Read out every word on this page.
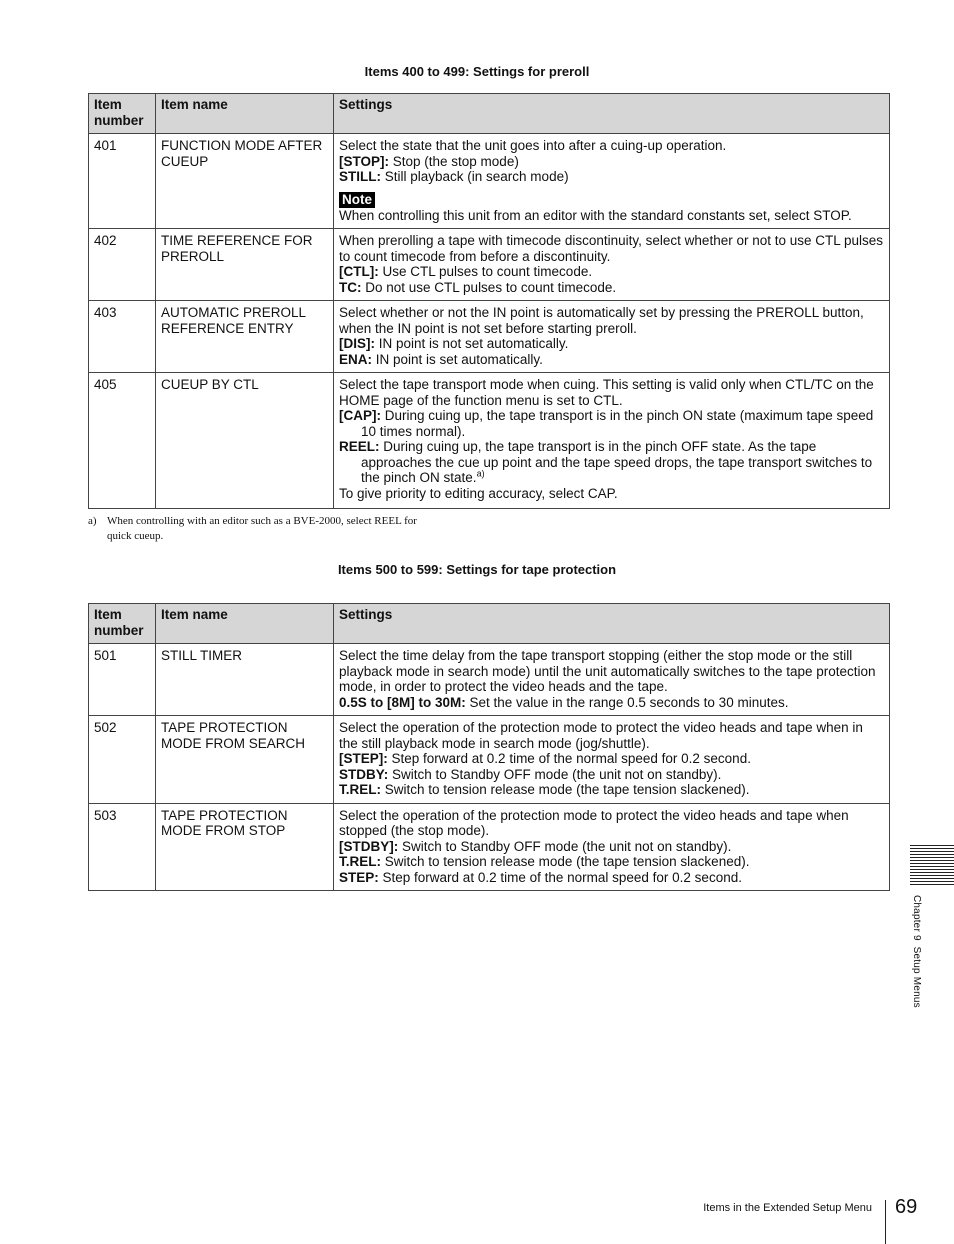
Items 400 to 499: Settings for preroll
Item
number	Item name	Settings
401	FUNCTION MODE AFTER CUEUP	Select the state that the unit goes into after a cuing-up operation.
[STOP]: Stop (the stop mode)
STILL: Still playback (in search mode)
Note
When controlling this unit from an editor with the standard constants set, select STOP.

402	TIME REFERENCE FOR PREROLL	When prerolling a tape with timecode discontinuity, select whether or not to use CTL pulses to count timecode from before a discontinuity.
[CTL]: Use CTL pulses to count timecode.
TC: Do not use CTL pulses to count timecode.

403	AUTOMATIC PREROLL REFERENCE ENTRY	Select whether or not the IN point is automatically set by pressing the PREROLL button, when the IN point is not set before starting preroll.
[DIS]: IN point is not set automatically.
ENA: IN point is set automatically.

405	CUEUP BY CTL	Select the tape transport mode when cuing. This setting is valid only when CTL/TC on the HOME page of the function menu is set to CTL.
[CAP]: During cuing up, the tape transport is in the pinch ON state (maximum tape speed 10 times normal).
REEL: During cuing up, the tape transport is in the pinch OFF state. As the tape approaches the cue up point and the tape speed drops, the tape transport switches to the pinch ON state.$^{a)}$
To give priority to editing accuracy, select CAP.
a) When controlling with an editor such as a BVE-2000, select REEL for
quick cueup.
Items 500 to 599: Settings for tape protection
Item
number	Item name	Settings
501	STILL TIMER	Select the time delay from the tape transport stopping (either the stop mode or the still playback mode in search mode) until the unit automatically switches to the tape protection mode, in order to protect the video heads and the tape.
0.5S to [8M] to 30M: Set the value in the range 0.5 seconds to 30 minutes.

502	TAPE PROTECTION MODE FROM SEARCH	Select the operation of the protection mode to protect the video heads and tape when in the still playback mode in search mode (jog/shuttle).
[STEP]: Step forward at 0.2 time of the normal speed for 0.2 second.
STDBY: Switch to Standby OFF mode (the unit not on standby).
T.REL: Switch to tension release mode (the tape tension slackened).

503	TAPE PROTECTION MODE FROM STOP	Select the operation of the protection mode to protect the video heads and tape when stopped (the stop mode).
[STDBY]: Switch to Standby OFF mode (the unit not on standby).
T.REL: Switch to tension release mode (the tape tension slackened).
STEP: Step forward at 0.2 time of the normal speed for 0.2 second.
Chapter 9  Setup Menus
Items in the Extended Setup Menu 69
